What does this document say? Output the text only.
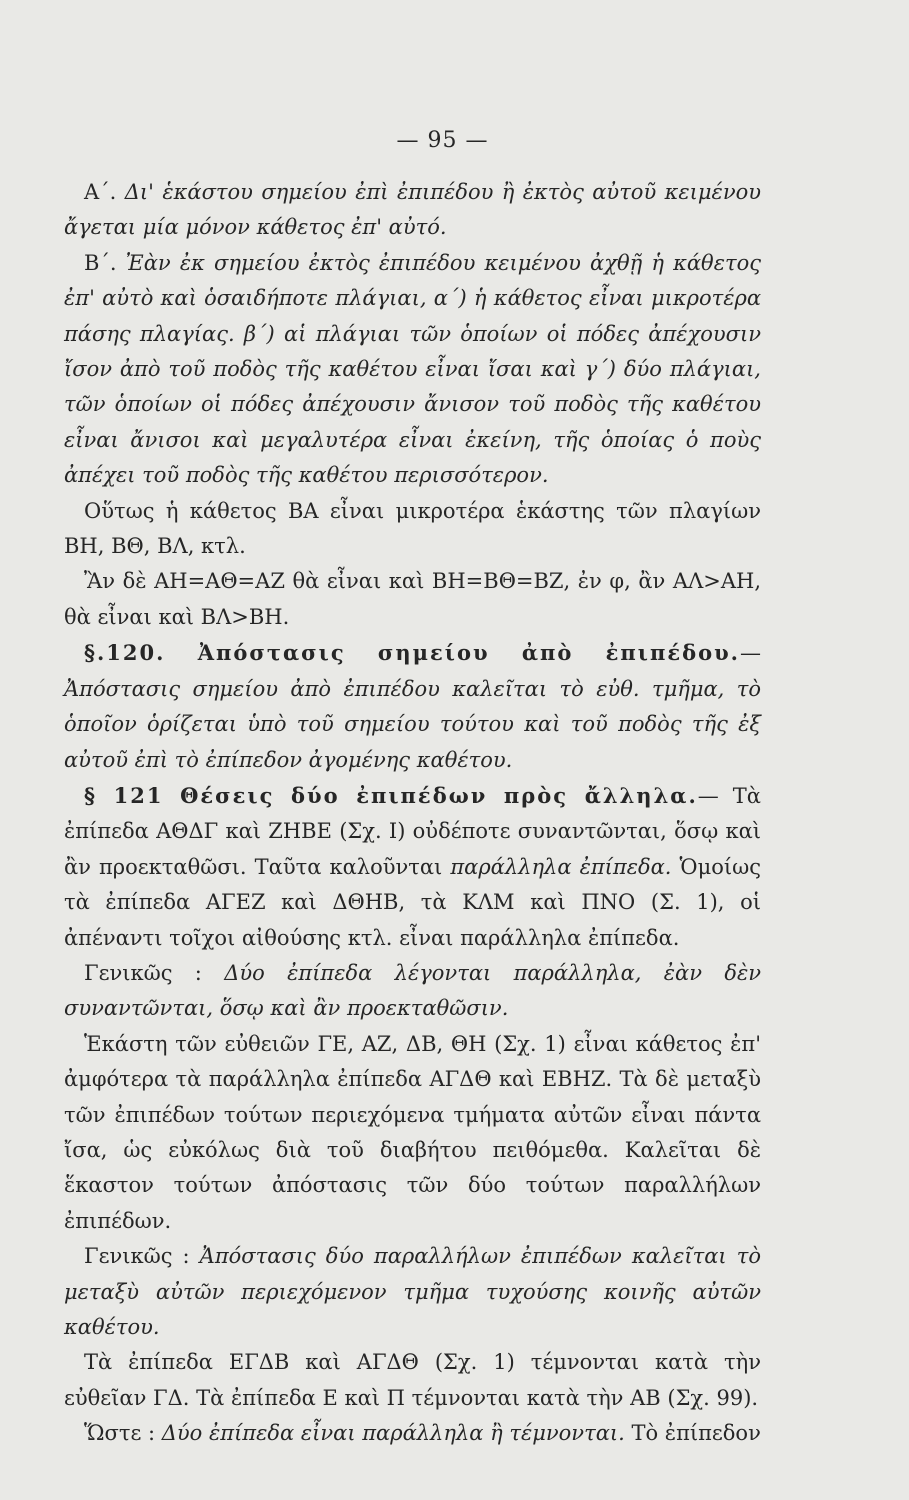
— 95 —

Α΄. Δι' ἑκάστου σημείου ἐπὶ ἐπιπέδου ἢ ἐκτὸς αὐτοῦ κειμένου ἄγεται μία μόνον κάθετος ἐπ' αὐτό.

Β΄. Ἐὰν ἐκ σημείου ἐκτὸς ἐπιπέδου κειμένου ἀχθῇ ἡ κάθετος ἐπ' αὐτὸ καὶ ὁσαιδήποτε πλάγιαι, α΄) ἡ κάθετος εἶναι μικροτέρα πάσης πλαγίας. β΄) αἱ πλάγιαι τῶν ὁποίων οἱ πόδες ἀπέχουσιν ἴσον ἀπὸ τοῦ ποδὸς τῆς καθέτου εἶναι ἴσαι καὶ γ΄) δύο πλάγιαι, τῶν ὁποίων οἱ πόδες ἀπέχουσιν ἄνισον τοῦ ποδὸς τῆς καθέτου εἶναι ἄνισοι καὶ μεγαλυτέρα εἶναι ἐκείνη, τῆς ὁποίας ὁ ποὺς ἀπέχει τοῦ ποδὸς τῆς καθέτου περισσότερον.

Οὕτως ἡ κάθετος ΒΑ εἶναι μικροτέρα ἑκάστης τῶν πλαγίων ΒΗ, ΒΘ, ΒΛ, κτλ.

Ἂν δὲ ΑΗ=ΑΘ=ΑΖ θὰ εἶναι καὶ ΒΗ=ΒΘ=ΒΖ, ἐν φ, ἂν ΑΛ>ΑΗ, θὰ εἶναι καὶ ΒΛ>ΒΗ.

§.120. Ἀπόστασις σημείου ἀπὸ ἐπιπέδου.— Ἀπόστασις σημείου ἀπὸ ἐπιπέδου καλεῖται τὸ εὐθ. τμῆμα, τὸ ὁποῖον ὁρίζεται ὑπὸ τοῦ σημείου τούτου καὶ τοῦ ποδὸς τῆς ἐξ αὐτοῦ ἐπὶ τὸ ἐπίπεδον ἀγομένης καθέτου.

§ 121 Θέσεις δύο ἐπιπέδων πρὸς ἄλληλα.— Τὰ ἐπίπεδα ΑΘΔΓ καὶ ΖΗΒΕ (Σχ. Ι) οὐδέποτε συναντῶνται, ὅσῳ καὶ ἂν προεκταθῶσι. Ταῦτα καλοῦνται παράλληλα ἐπίπεδα. Ὁμοίως τὰ ἐπίπεδα ΑΓΕΖ καὶ ΔΘΗΒ, τὰ ΚΛΜ καὶ ΠΝΟ (Σ. 1), οἱ ἀπέναντι τοῖχοι αἰθούσης κτλ. εἶναι παράλληλα ἐπίπεδα.

Γενικῶς : Δύο ἐπίπεδα λέγονται παράλληλα, ἐὰν δὲν συναντῶνται, ὅσῳ καὶ ἂν προεκταθῶσιν.

Ἑκάστη τῶν εὐθειῶν ΓΕ, ΑΖ, ΔΒ, ΘΗ (Σχ. 1) εἶναι κάθετος ἐπ' ἀμφότερα τὰ παράλληλα ἐπίπεδα ΑΓΔΘ καὶ ΕΒΗΖ. Τὰ δὲ μεταξὺ τῶν ἐπιπέδων τούτων περιεχόμενα τμήματα αὐτῶν εἶναι πάντα ἴσα, ὡς εὐκόλως διὰ τοῦ διαβήτου πειθόμεθα. Καλεῖται δὲ ἕκαστον τούτων ἀπόστασις τῶν δύο τούτων παραλλήλων ἐπιπέδων.

Γενικῶς : Ἀπόστασις δύο παραλλήλων ἐπιπέδων καλεῖται τὸ μεταξὺ αὐτῶν περιεχόμενον τμῆμα τυχούσης κοινῆς αὐτῶν καθέτου.

Τὰ ἐπίπεδα ΕΓΔΒ καὶ ΑΓΔΘ (Σχ. 1) τέμνονται κατὰ τὴν εὐθεῖαν ΓΔ. Τὰ ἐπίπεδα Ε καὶ Π τέμνονται κατὰ τὴν ΑΒ (Σχ. 99).

Ὥστε : Δύο ἐπίπεδα εἶναι παράλληλα ἢ τέμνονται. Τὸ ἐπίπεδον
